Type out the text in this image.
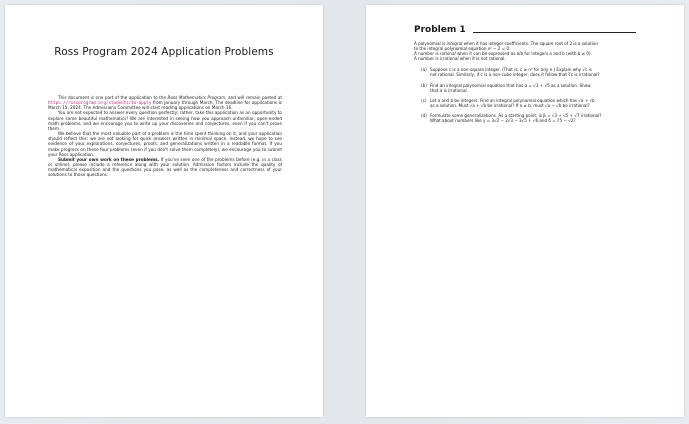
Ross Program 2024 Application Problems

This document is one part of the application to the Ross Mathematics Program, and will remain posted at https://rossprogram.org/students/to-apply from January through March. The deadline for applications is March 15, 2024. The Admissions Committee will start reading applications on March 16.

You are not expected to answer every question perfectly; rather, take this application as an opportunity to explore some beautiful mathematics! We are interested in seeing how you approach unfamiliar, open-ended math problems, and we encourage you to write up your discoveries and conjectures, even if you can't prove them.

We believe that the most valuable part of a problem is the time spent thinking on it, and your application should reflect this: we are not looking for quick answers written in minimal space. Instead, we hope to see evidence of your explorations, conjectures, proofs, and generalizations written in a readable format. If you make progress on these four problems (even if you don't solve them completely), we encourage you to submit your Ross application.

Submit your own work on these problems. If you've seen one of the problems before (e.g. in a class or online), please include a reference along with your solution. Admission factors include the quality of mathematical exposition and the questions you pose, as well as the completeness and correctness of your solutions to those questions.

Problem 1
A polynomial is integral when it has integer coefficients. The square root of 2 is a solution
to the integral polynomial equation x² − 2 = 0.
A number is rational when it can be expressed as a/b for integers a and b (with b ≠ 0).
A number is irrational when it is not rational.
(a) Suppose c is a non-square integer. (That is, c ≠ n² for any n.) Explain why √c is
not rational. Similarly, if c is a non-cube integer, does it follow that ∛c is irrational?
(b) Find an integral polynomial equation that has α = √3 + √5 as a solution. Show
that α is irrational.
(c) Let a and b be integers. Find an integral polynomial equation which has √a + √b
as a solution. Must √a + √b be irrational? If a ≠ b, must √a − √b be irrational?
(d) Formulate some generalizations. As a starting point, is β = √3 + √5 + √7 irrational?
What about numbers like γ = 3√2 − 2√3 − 3√5 + √6 and δ = ∛5 − √2?
